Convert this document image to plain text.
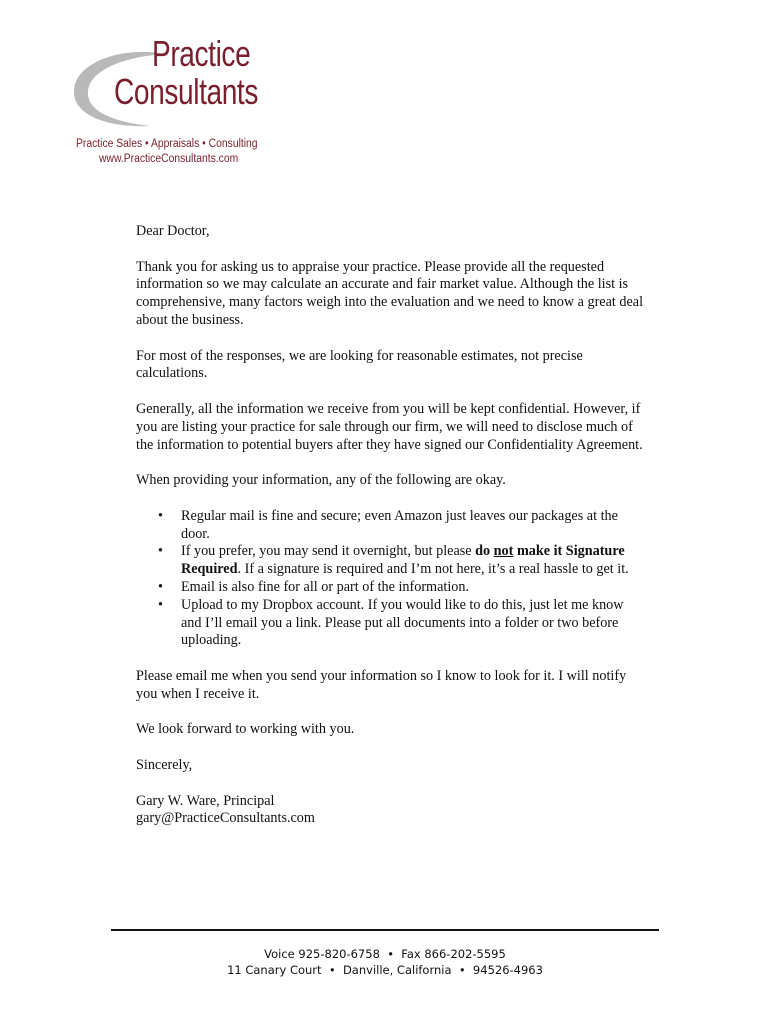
Practice
Consultants
Practice Sales • Appraisals • Consulting
www.PracticeConsultants.com

Dear Doctor,

Thank you for asking us to appraise your practice. Please provide all the requested information so we may calculate an accurate and fair market value. Although the list is comprehensive, many factors weigh into the evaluation and we need to know a great deal about the business.

For most of the responses, we are looking for reasonable estimates, not precise calculations.

Generally, all the information we receive from you will be kept confidential. However, if you are listing your practice for sale through our firm, we will need to disclose much of the information to potential buyers after they have signed our Confidentiality Agreement.

When providing your information, any of the following are okay.

• Regular mail is fine and secure; even Amazon just leaves our packages at the door.
• If you prefer, you may send it overnight, but please do not make it Signature Required. If a signature is required and I’m not here, it’s a real hassle to get it.
• Email is also fine for all or part of the information.
• Upload to my Dropbox account. If you would like to do this, just let me know and I’ll email you a link. Please put all documents into a folder or two before uploading.

Please email me when you send your information so I know to look for it. I will notify you when I receive it.

We look forward to working with you.

Sincerely,

Gary W. Ware, Principal

gary@PracticeConsultants.com

Voice 925-820-6758  •  Fax 866-202-5595
11 Canary Court  •  Danville, California  •  94526-4963
